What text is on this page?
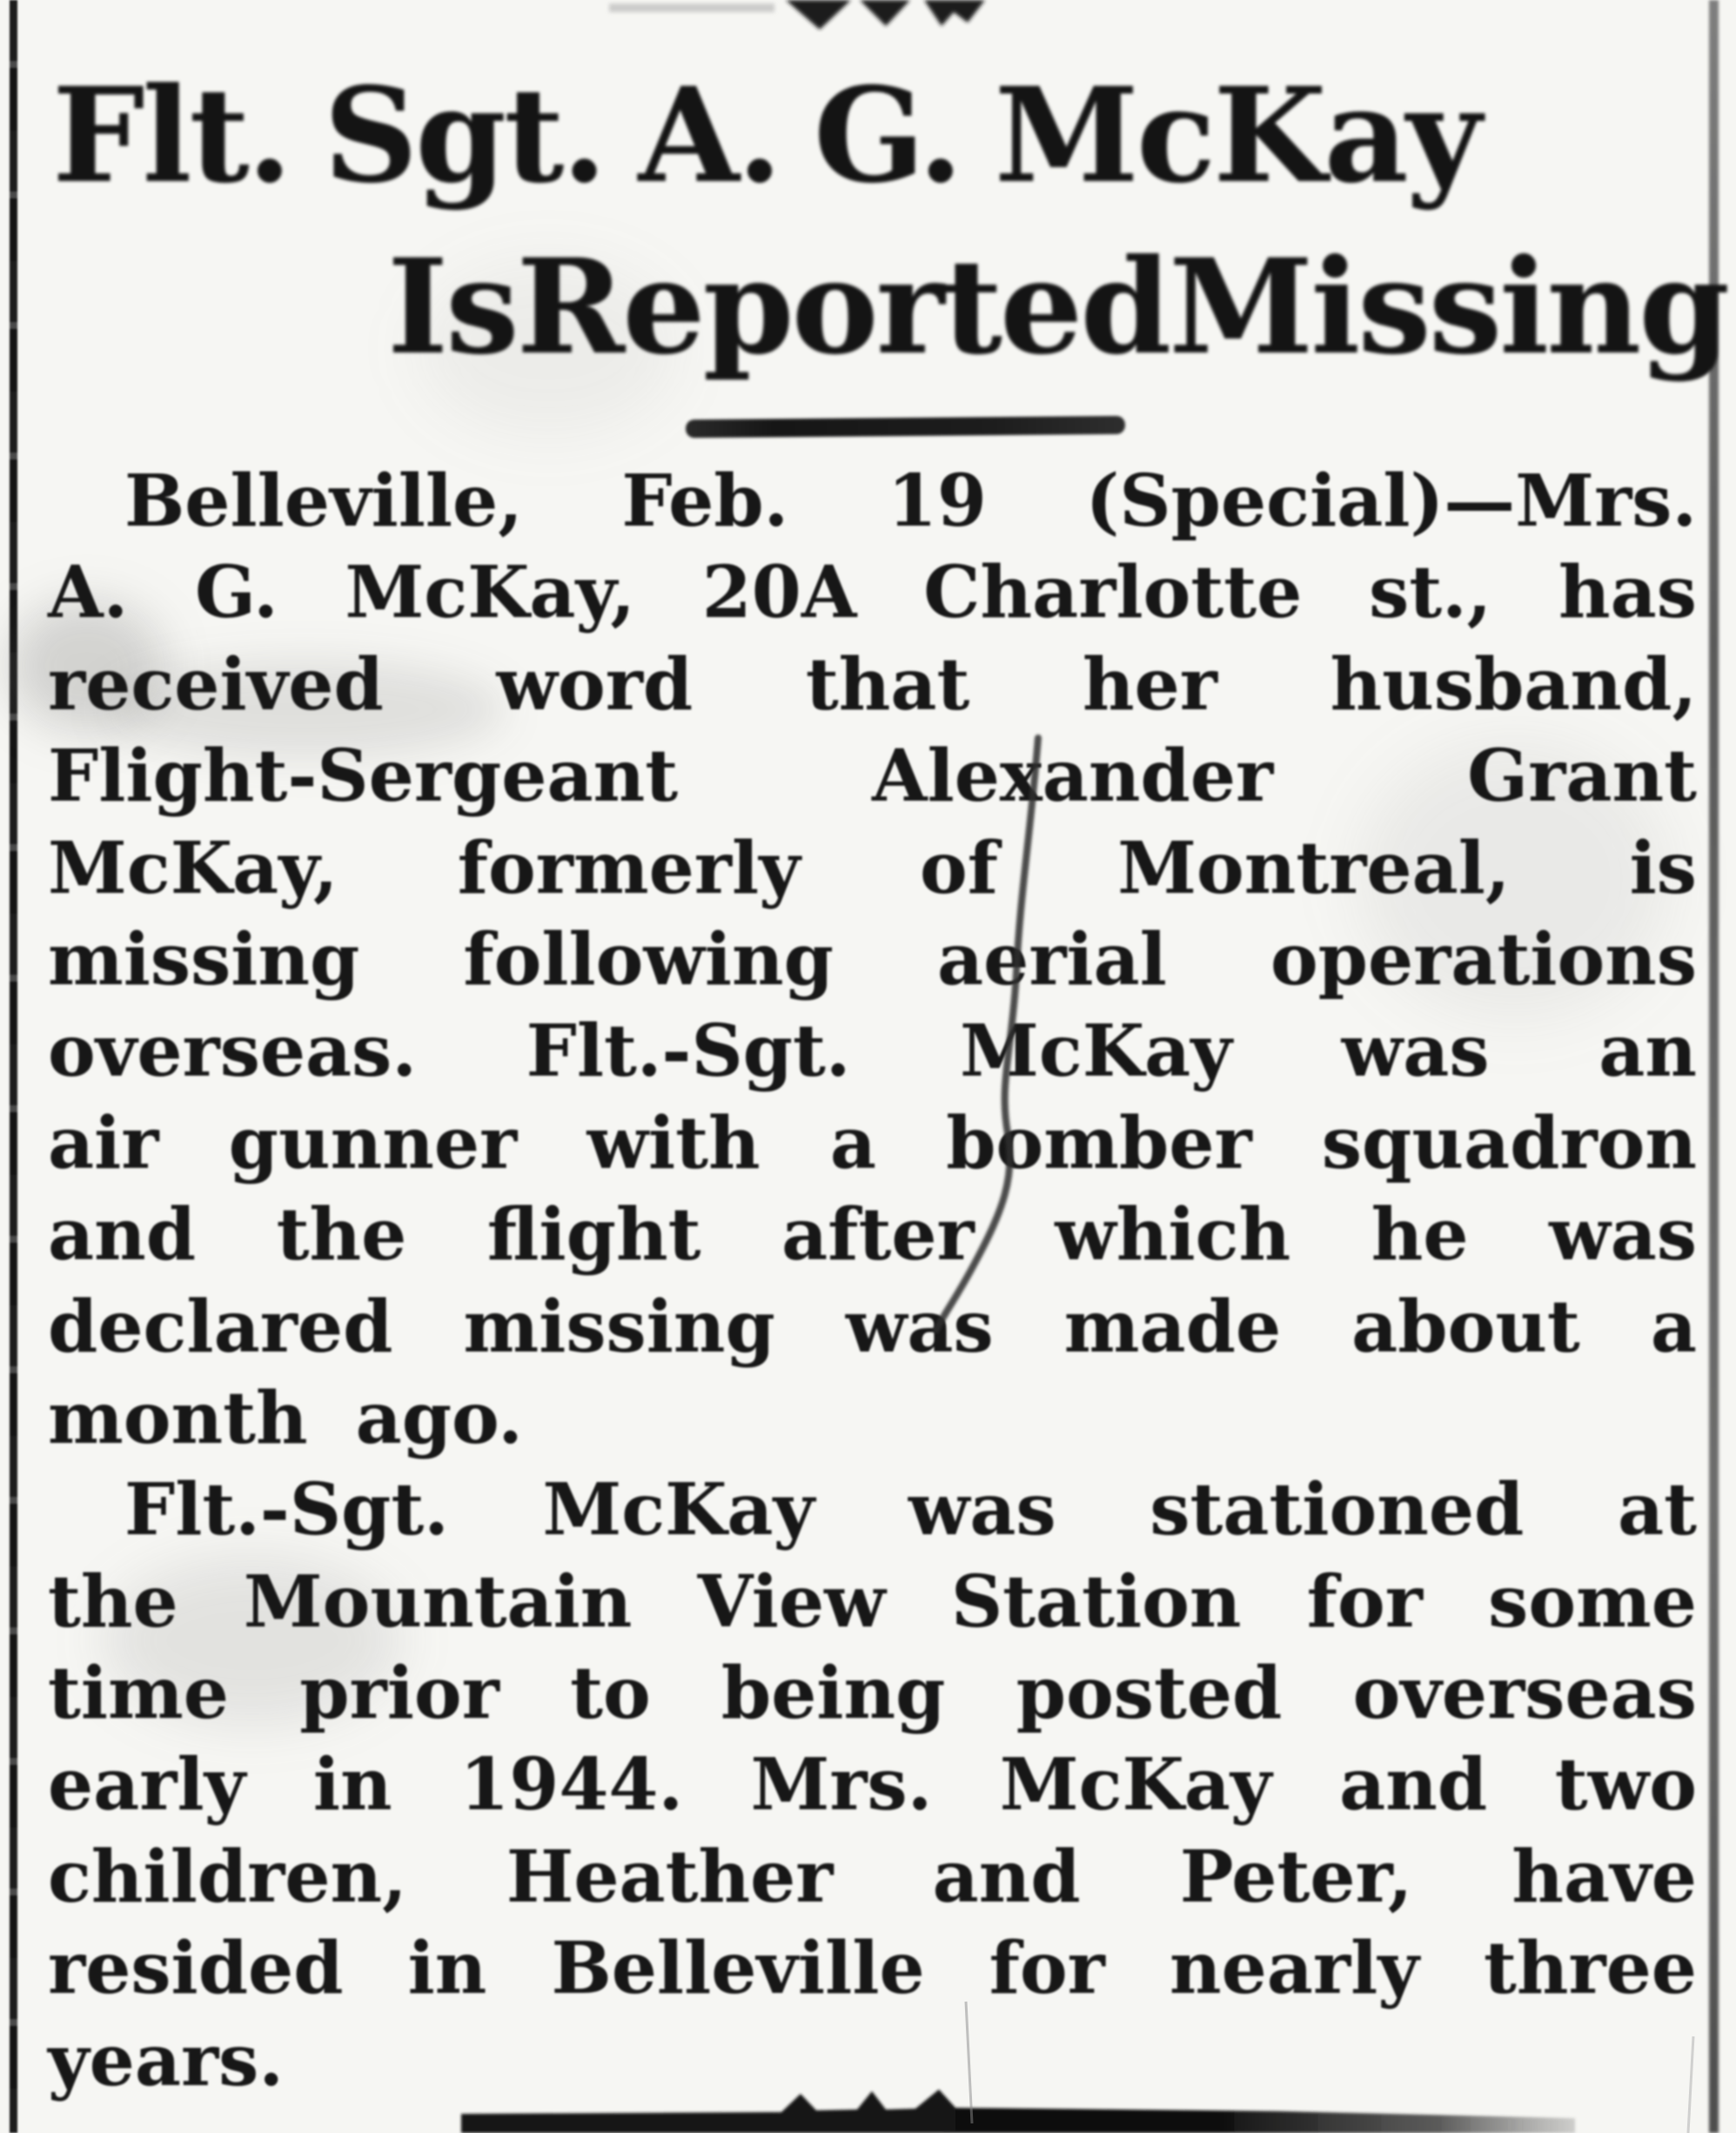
Flt. Sgt. A. G. McKay
Is Reported Missing
Belleville, Feb. 19 (Special)—Mrs.
A. G. McKay, 20A Charlotte st., has
received word that her husband,
Flight-Sergeant	Alexander	Grant
McKay, formerly of Montreal, is
missing following aerial operations
overseas. Flt.-Sgt. McKay was an
air gunner with a bomber squadron
and the flight after which he was
declared missing was made about a
month ago.
Flt.-Sgt. McKay was stationed at
the Mountain View Station for some
time prior to being posted overseas
early in 1944. Mrs. McKay and two
children, Heather and Peter, have
resided in Belleville for nearly three
years.
